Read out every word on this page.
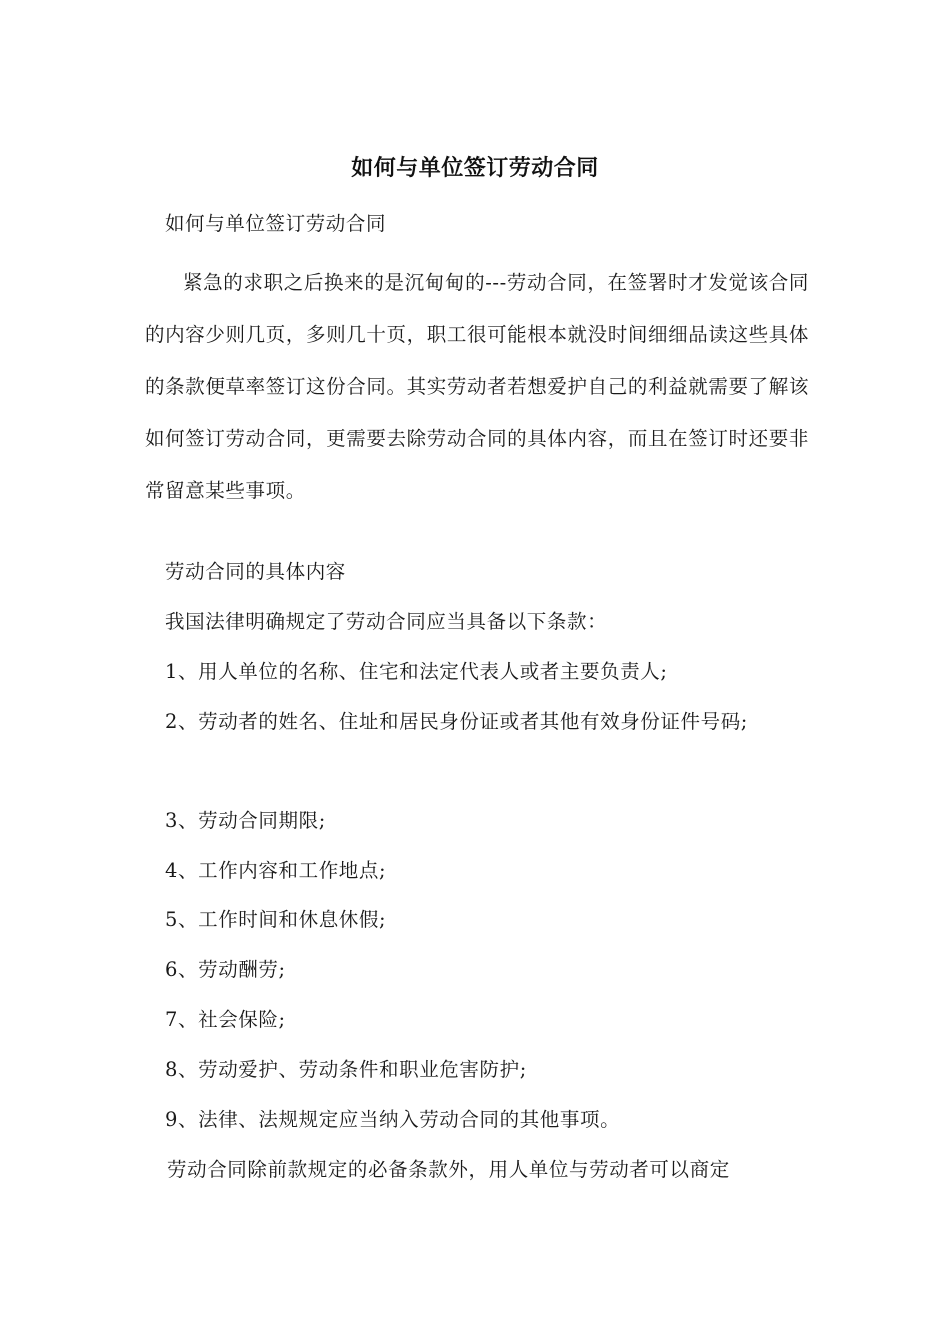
如何与单位签订劳动合同
如何与单位签订劳动合同
紧急的求职之后换来的是沉甸甸的---劳动合同，在签署时才发觉该合同的内容少则几页，多则几十页，职工很可能根本就没时间细细品读这些具体的条款便草率签订这份合同。其实劳动者若想爱护自己的利益就需要了解该如何签订劳动合同，更需要去除劳动合同的具体内容，而且在签订时还要非常留意某些事项。
劳动合同的具体内容
我国法律明确规定了劳动合同应当具备以下条款：
1、用人单位的名称、住宅和法定代表人或者主要负责人;
2、劳动者的姓名、住址和居民身份证或者其他有效身份证件号码;
3、劳动合同期限;
4、工作内容和工作地点;
5、工作时间和休息休假;
6、劳动酬劳;
7、社会保险;
8、劳动爱护、劳动条件和职业危害防护;
9、法律、法规规定应当纳入劳动合同的其他事项。
劳动合同除前款规定的必备条款外，用人单位与劳动者可以商定
